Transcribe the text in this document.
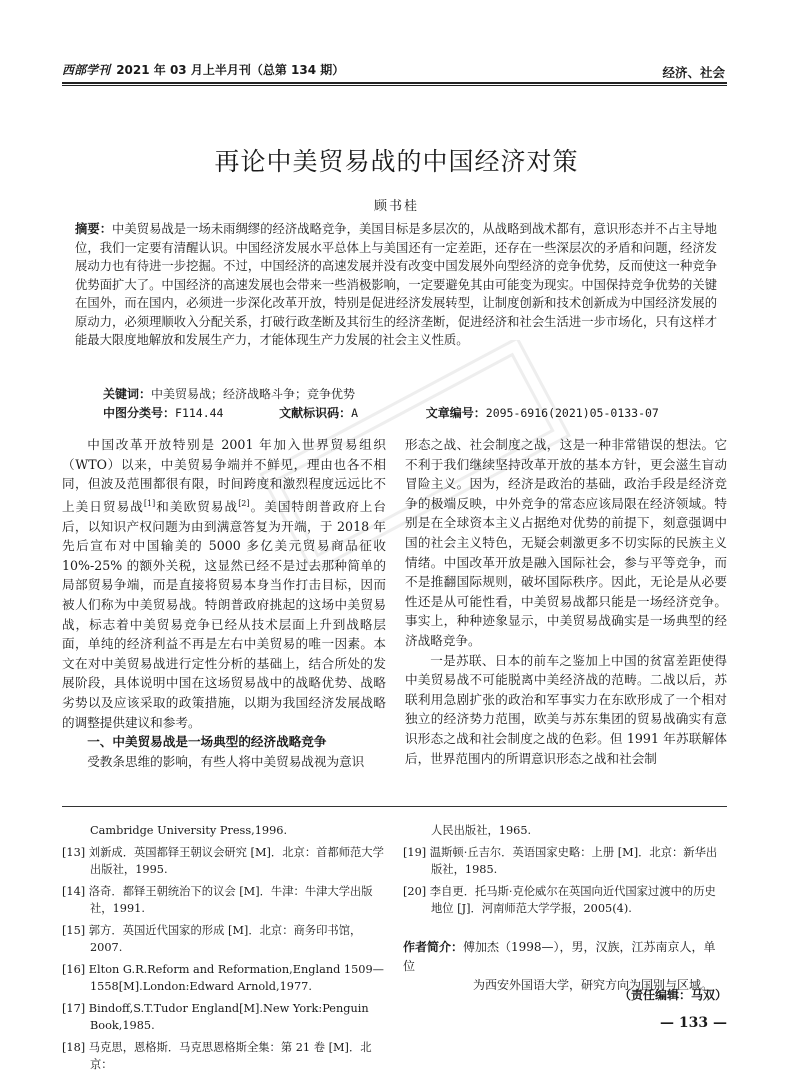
西部学刊 2021 年 03 月上半月刊（总第 134 期）	经济、社会
再论中美贸易战的中国经济对策
顾书桂
摘要：中美贸易战是一场未雨绸缪的经济战略竞争，美国目标是多层次的，从战略到战术都有，意识形态并不占主导地位，我们一定要有清醒认识。中国经济发展水平总体上与美国还有一定差距，还存在一些深层次的矛盾和问题，经济发展动力也有待进一步挖掘。不过，中国经济的高速发展并没有改变中国发展外向型经济的竞争优势，反而使这一种竞争优势面扩大了。中国经济的高速发展也会带来一些消极影响，一定要避免其由可能变为现实。中国保持竞争优势的关键在国外，而在国内，必须进一步深化改革开放，特别是促进经济发展转型，让制度创新和技术创新成为中国经济发展的原动力，必须理顺收入分配关系，打破行政垄断及其衍生的经济垄断，促进经济和社会生活进一步市场化，只有这样才能最大限度地解放和发展生产力，才能体现生产力发展的社会主义性质。
关键词：中美贸易战；经济战略斗争；竞争优势
中图分类号：F114.44	文献标识码：A	文章编号：2095-6916(2021)05-0133-07

中国改革开放特别是 2001 年加入世界贸易组织（WTO）以来，中美贸易争端并不鲜见，理由也各不相同，但波及范围都很有限，时间跨度和激烈程度远远比不上美日贸易战[1]和美欧贸易战[2]。美国特朗普政府上台后，以知识产权问题为由到满意答复为开端，于 2018 年先后宣布对中国输美的 5000 多亿美元贸易商品征收 10%-25% 的额外关税，这显然已经不是过去那种简单的局部贸易争端，而是直接将贸易本身当作打击目标，因而被人们称为中美贸易战。特朗普政府挑起的这场中美贸易战，标志着中美贸易竞争已经从技术层面上升到战略层面，单纯的经济利益不再是左右中美贸易的唯一因素。本文在对中美贸易战进行定性分析的基础上，结合所处的发展阶段，具体说明中国在这场贸易战中的战略优势、战略劣势以及应该采取的政策措施，以期为我国经济发展战略的调整提供建议和参考。

一、中美贸易战是一场典型的经济战略竞争

受教条思维的影响，有些人将中美贸易战视为意识

形态之战、社会制度之战，这是一种非常错误的想法。它不利于我们继续坚持改革开放的基本方针，更会滋生盲动冒险主义。因为，经济是政治的基础，政治手段是经济竞争的极端反映，中外竞争的常态应该局限在经济领域。特别是在全球资本主义占据绝对优势的前提下，刻意强调中国的社会主义特色，无疑会刺激更多不切实际的民族主义情绪。中国改革开放是融入国际社会，参与平等竞争，而不是推翻国际规则，破坏国际秩序。因此，无论是从必要性还是从可能性看，中美贸易战都只能是一场经济竞争。事实上，种种迹象显示，中美贸易战确实是一场典型的经济战略竞争。

一是苏联、日本的前车之鉴加上中国的贫富差距使得中美贸易战不可能脱离中美经济战的范畴。二战以后，苏联利用急剧扩张的政治和军事实力在东欧形成了一个相对独立的经济势力范围，欧美与苏东集团的贸易战确实有意识形态之战和社会制度之战的色彩。但 1991 年苏联解体后，世界范围内的所谓意识形态之战和社会制

Cambridge University Press,1996.
[13] 刘新成．英国都铎王朝议会研究 [M]．北京：首都师范大学出版社，1995.
[14] 洛奇．都铎王朝统治下的议会 [M]．牛津：牛津大学出版社，1991.
[15] 郭方．英国近代国家的形成 [M]．北京：商务印书馆，2007.
[16] Elton G.R.Reform and Reformation,England 1509—1558[M].London:Edward Arnold,1977.
[17] Bindoff,S.T.Tudor England[M].New York:Penguin Book,1985.
[18] 马克思，恩格斯．马克思恩格斯全集：第 21 卷 [M]．北京：
人民出版社，1965.
[19] 温斯顿·丘吉尔．英语国家史略：上册 [M]．北京：新华出版社，1985.
[20] 李自更．托马斯·克伦威尔在英国向近代国家过渡中的历史地位 [J]．河南师范大学学报，2005(4).
作者简介：傅加杰（1998—），男，汉族，江苏南京人，单位
为西安外国语大学，研究方向为国别与区域。
（责任编辑：马双）
— 133 —
